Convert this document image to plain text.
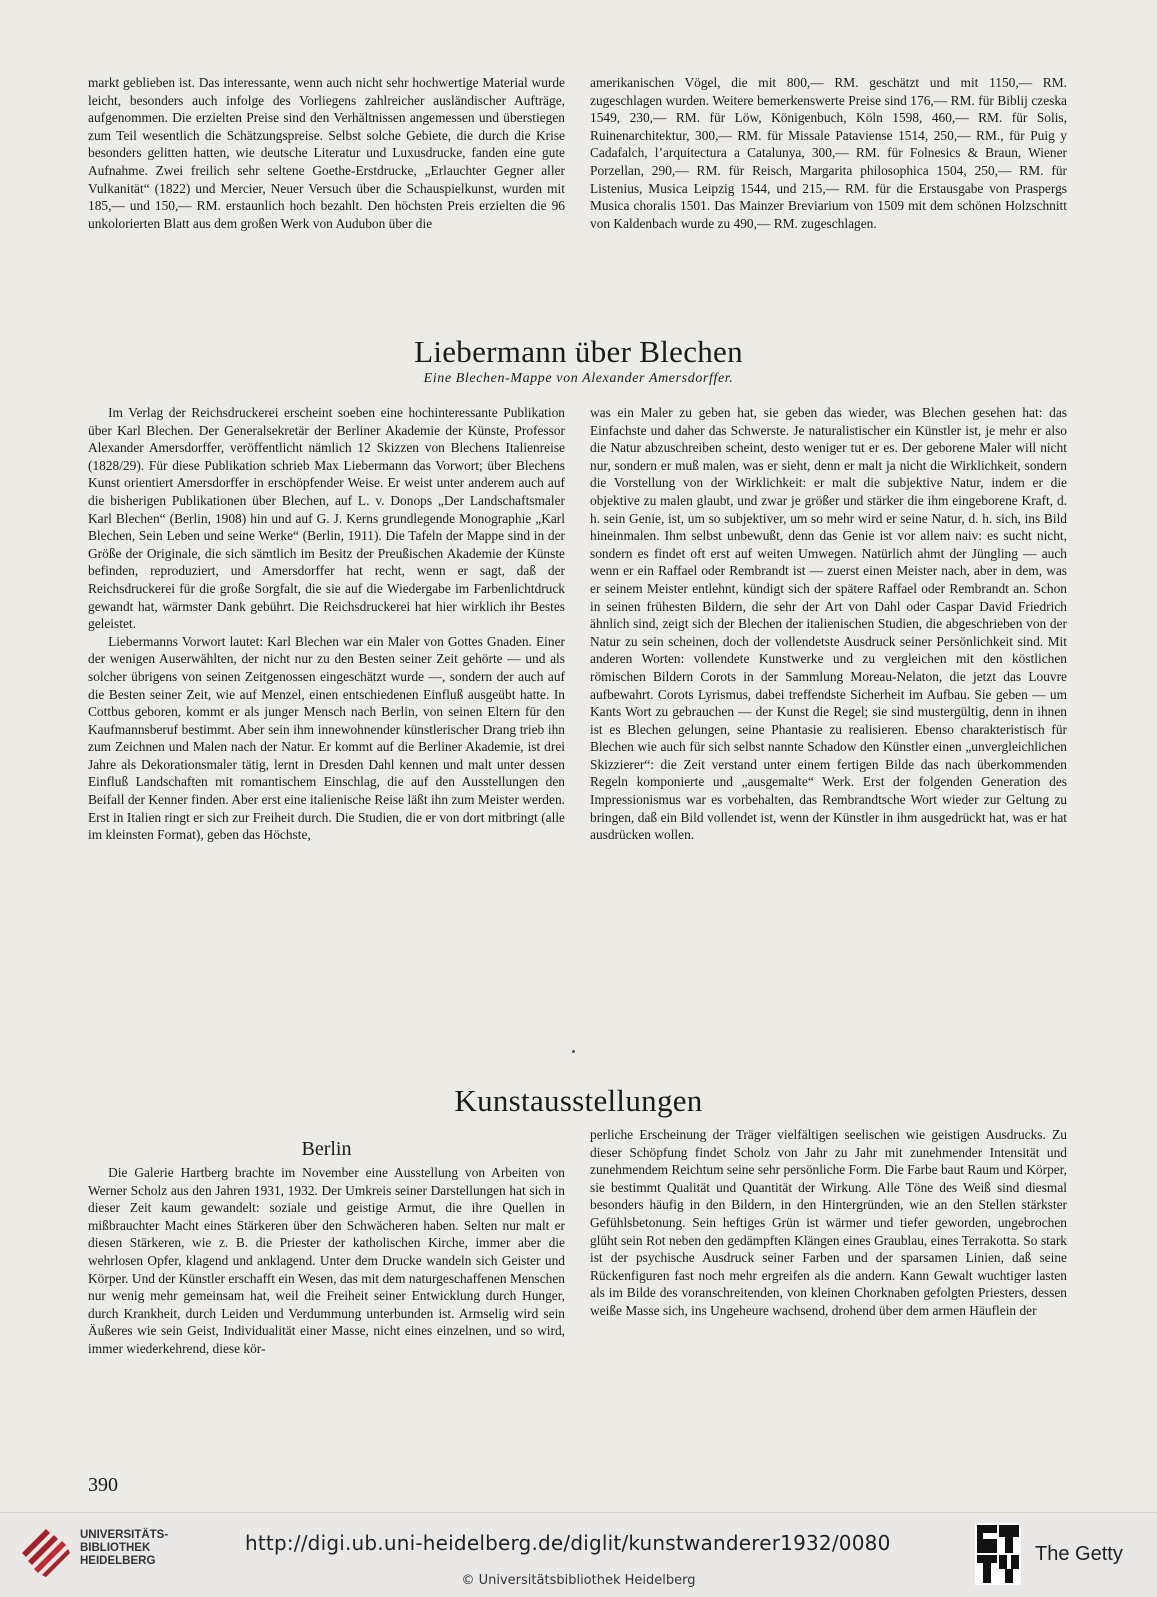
markt geblieben ist. Das interessante, wenn auch nicht sehr hochwertige Material wurde leicht, besonders auch infolge des Vorliegens zahlreicher ausländischer Aufträge, aufgenommen. Die erzielten Preise sind den Verhältnissen angemessen und überstiegen zum Teil wesentlich die Schätzungspreise. Selbst solche Gebiete, die durch die Krise besonders gelitten hatten, wie deutsche Literatur und Luxusdrucke, fanden eine gute Aufnahme. Zwei freilich sehr seltene Goethe-Erstdrucke, „Erlauchter Gegner aller Vulkanität“ (1822) und Mercier, Neuer Versuch über die Schauspielkunst, wurden mit 185,— und 150,— RM. erstaunlich hoch bezahlt. Den höchsten Preis erzielten die 96 unkolorierten Blatt aus dem großen Werk von Audubon über die

amerikanischen Vögel, die mit 800,— RM. geschätzt und mit 1150,— RM. zugeschlagen wurden. Weitere bemerkenswerte Preise sind 176,— RM. für Biblij czeska 1549, 230,— RM. für Löw, Königenbuch, Köln 1598, 460,— RM. für Solis, Ruinenarchitektur, 300,— RM. für Missale Pataviense 1514, 250,— RM., für Puig y Cadafalch, l’arquitectura a Catalunya, 300,— RM. für Folnesics & Braun, Wiener Porzellan, 290,— RM. für Reisch, Margarita philosophica 1504, 250,— RM. für Listenius, Musica Leipzig 1544, und 215,— RM. für die Erstausgabe von Praspergs Musica choralis 1501. Das Mainzer Breviarium von 1509 mit dem schönen Holzschnitt von Kaldenbach wurde zu 490,— RM. zugeschlagen.

Liebermann über Blechen
Eine Blechen-Mappe von Alexander Amersdorffer.

Im Verlag der Reichsdruckerei erscheint soeben eine hochinteressante Publikation über Karl Blechen. Der Generalsekretär der Berliner Akademie der Künste, Professor Alexander Amersdorffer, veröffentlicht nämlich 12 Skizzen von Blechens Italienreise (1828/29). Für diese Publikation schrieb Max Liebermann das Vorwort; über Blechens Kunst orientiert Amersdorffer in erschöpfender Weise. Er weist unter anderem auch auf die bisherigen Publikationen über Blechen, auf L. v. Donops „Der Landschaftsmaler Karl Blechen“ (Berlin, 1908) hin und auf G. J. Kerns grundlegende Monographie „Karl Blechen, Sein Leben und seine Werke“ (Berlin, 1911). Die Tafeln der Mappe sind in der Größe der Originale, die sich sämtlich im Besitz der Preußischen Akademie der Künste befinden, reproduziert, und Amersdorffer hat recht, wenn er sagt, daß der Reichsdruckerei für die große Sorgfalt, die sie auf die Wiedergabe im Farbenlichtdruck gewandt hat, wärmster Dank gebührt. Die Reichsdruckerei hat hier wirklich ihr Bestes geleistet.

Liebermanns Vorwort lautet: Karl Blechen war ein Maler von Gottes Gnaden. Einer der wenigen Auserwählten, der nicht nur zu den Besten seiner Zeit gehörte — und als solcher übrigens von seinen Zeitgenossen eingeschätzt wurde —, sondern der auch auf die Besten seiner Zeit, wie auf Menzel, einen entschiedenen Einfluß ausgeübt hatte. In Cottbus geboren, kommt er als junger Mensch nach Berlin, von seinen Eltern für den Kaufmannsberuf bestimmt. Aber sein ihm innewohnender künstlerischer Drang trieb ihn zum Zeichnen und Malen nach der Natur. Er kommt auf die Berliner Akademie, ist drei Jahre als Dekorationsmaler tätig, lernt in Dresden Dahl kennen und malt unter dessen Einfluß Landschaften mit romantischem Einschlag, die auf den Ausstellungen den Beifall der Kenner finden. Aber erst eine italienische Reise läßt ihn zum Meister werden. Erst in Italien ringt er sich zur Freiheit durch. Die Studien, die er von dort mitbringt (alle im kleinsten Format), geben das Höchste,

was ein Maler zu geben hat, sie geben das wieder, was Blechen gesehen hat: das Einfachste und daher das Schwerste. Je naturalistischer ein Künstler ist, je mehr er also die Natur abzuschreiben scheint, desto weniger tut er es. Der geborene Maler will nicht nur, sondern er muß malen, was er sieht, denn er malt ja nicht die Wirklichkeit, sondern die Vorstellung von der Wirklichkeit: er malt die subjektive Natur, indem er die objektive zu malen glaubt, und zwar je größer und stärker die ihm eingeborene Kraft, d. h. sein Genie, ist, um so subjektiver, um so mehr wird er seine Natur, d. h. sich, ins Bild hineinmalen. Ihm selbst unbewußt, denn das Genie ist vor allem naiv: es sucht nicht, sondern es findet oft erst auf weiten Umwegen. Natürlich ahmt der Jüngling — auch wenn er ein Raffael oder Rembrandt ist — zuerst einen Meister nach, aber in dem, was er seinem Meister entlehnt, kündigt sich der spätere Raffael oder Rembrandt an. Schon in seinen frühesten Bildern, die sehr der Art von Dahl oder Caspar David Friedrich ähnlich sind, zeigt sich der Blechen der italienischen Studien, die abgeschrieben von der Natur zu sein scheinen, doch der vollendetste Ausdruck seiner Persönlichkeit sind. Mit anderen Worten: vollendete Kunstwerke und zu vergleichen mit den köstlichen römischen Bildern Corots in der Sammlung Moreau-Nelaton, die jetzt das Louvre aufbewahrt. Corots Lyrismus, dabei treffendste Sicherheit im Aufbau. Sie geben — um Kants Wort zu gebrauchen — der Kunst die Regel; sie sind mustergültig, denn in ihnen ist es Blechen gelungen, seine Phantasie zu realisieren. Ebenso charakteristisch für Blechen wie auch für sich selbst nannte Schadow den Künstler einen „unvergleichlichen Skizzierer“: die Zeit verstand unter einem fertigen Bilde das nach überkommenden Regeln komponierte und „ausgemalte“ Werk. Erst der folgenden Generation des Impressionismus war es vorbehalten, das Rembrandtsche Wort wieder zur Geltung zu bringen, daß ein Bild vollendet ist, wenn der Künstler in ihm ausgedrückt hat, was er hat ausdrücken wollen.

Kunstausstellungen
Berlin

Die Galerie Hartberg brachte im November eine Ausstellung von Arbeiten von Werner Scholz aus den Jahren 1931, 1932. Der Umkreis seiner Darstellungen hat sich in dieser Zeit kaum gewandelt: soziale und geistige Armut, die ihre Quellen in mißbrauchter Macht eines Stärkeren über den Schwächeren haben. Selten nur malt er diesen Stärkeren, wie z. B. die Priester der katholischen Kirche, immer aber die wehrlosen Opfer, klagend und anklagend. Unter dem Drucke wandeln sich Geister und Körper. Und der Künstler erschafft ein Wesen, das mit dem naturgeschaffenen Menschen nur wenig mehr gemeinsam hat, weil die Freiheit seiner Entwicklung durch Hunger, durch Krankheit, durch Leiden und Verdummung unterbunden ist. Armselig wird sein Äußeres wie sein Geist, Individualität einer Masse, nicht eines einzelnen, und so wird, immer wiederkehrend, diese kör-

perliche Erscheinung der Träger vielfältigen seelischen wie geistigen Ausdrucks. Zu dieser Schöpfung findet Scholz von Jahr zu Jahr mit zunehmender Intensität und zunehmendem Reichtum seine sehr persönliche Form. Die Farbe baut Raum und Körper, sie bestimmt Qualität und Quantität der Wirkung. Alle Töne des Weiß sind diesmal besonders häufig in den Bildern, in den Hintergründen, wie an den Stellen stärkster Gefühlsbetonung. Sein heftiges Grün ist wärmer und tiefer geworden, ungebrochen glüht sein Rot neben den gedämpften Klängen eines Graublau, eines Terrakotta. So stark ist der psychische Ausdruck seiner Farben und der sparsamen Linien, daß seine Rückenfiguren fast noch mehr ergreifen als die andern. Kann Gewalt wuchtiger lasten als im Bilde des voranschreitenden, von kleinen Chorknaben gefolgten Priesters, dessen weiße Masse sich, ins Ungeheure wachsend, drohend über dem armen Häuflein der

390
UNIVERSITÄTS-
BIBLIOTHEK
HEIDELBERG
http://digi.ub.uni-heidelberg.de/diglit/kunstwanderer1932/0080
© Universitätsbibliothek Heidelberg
The Getty
